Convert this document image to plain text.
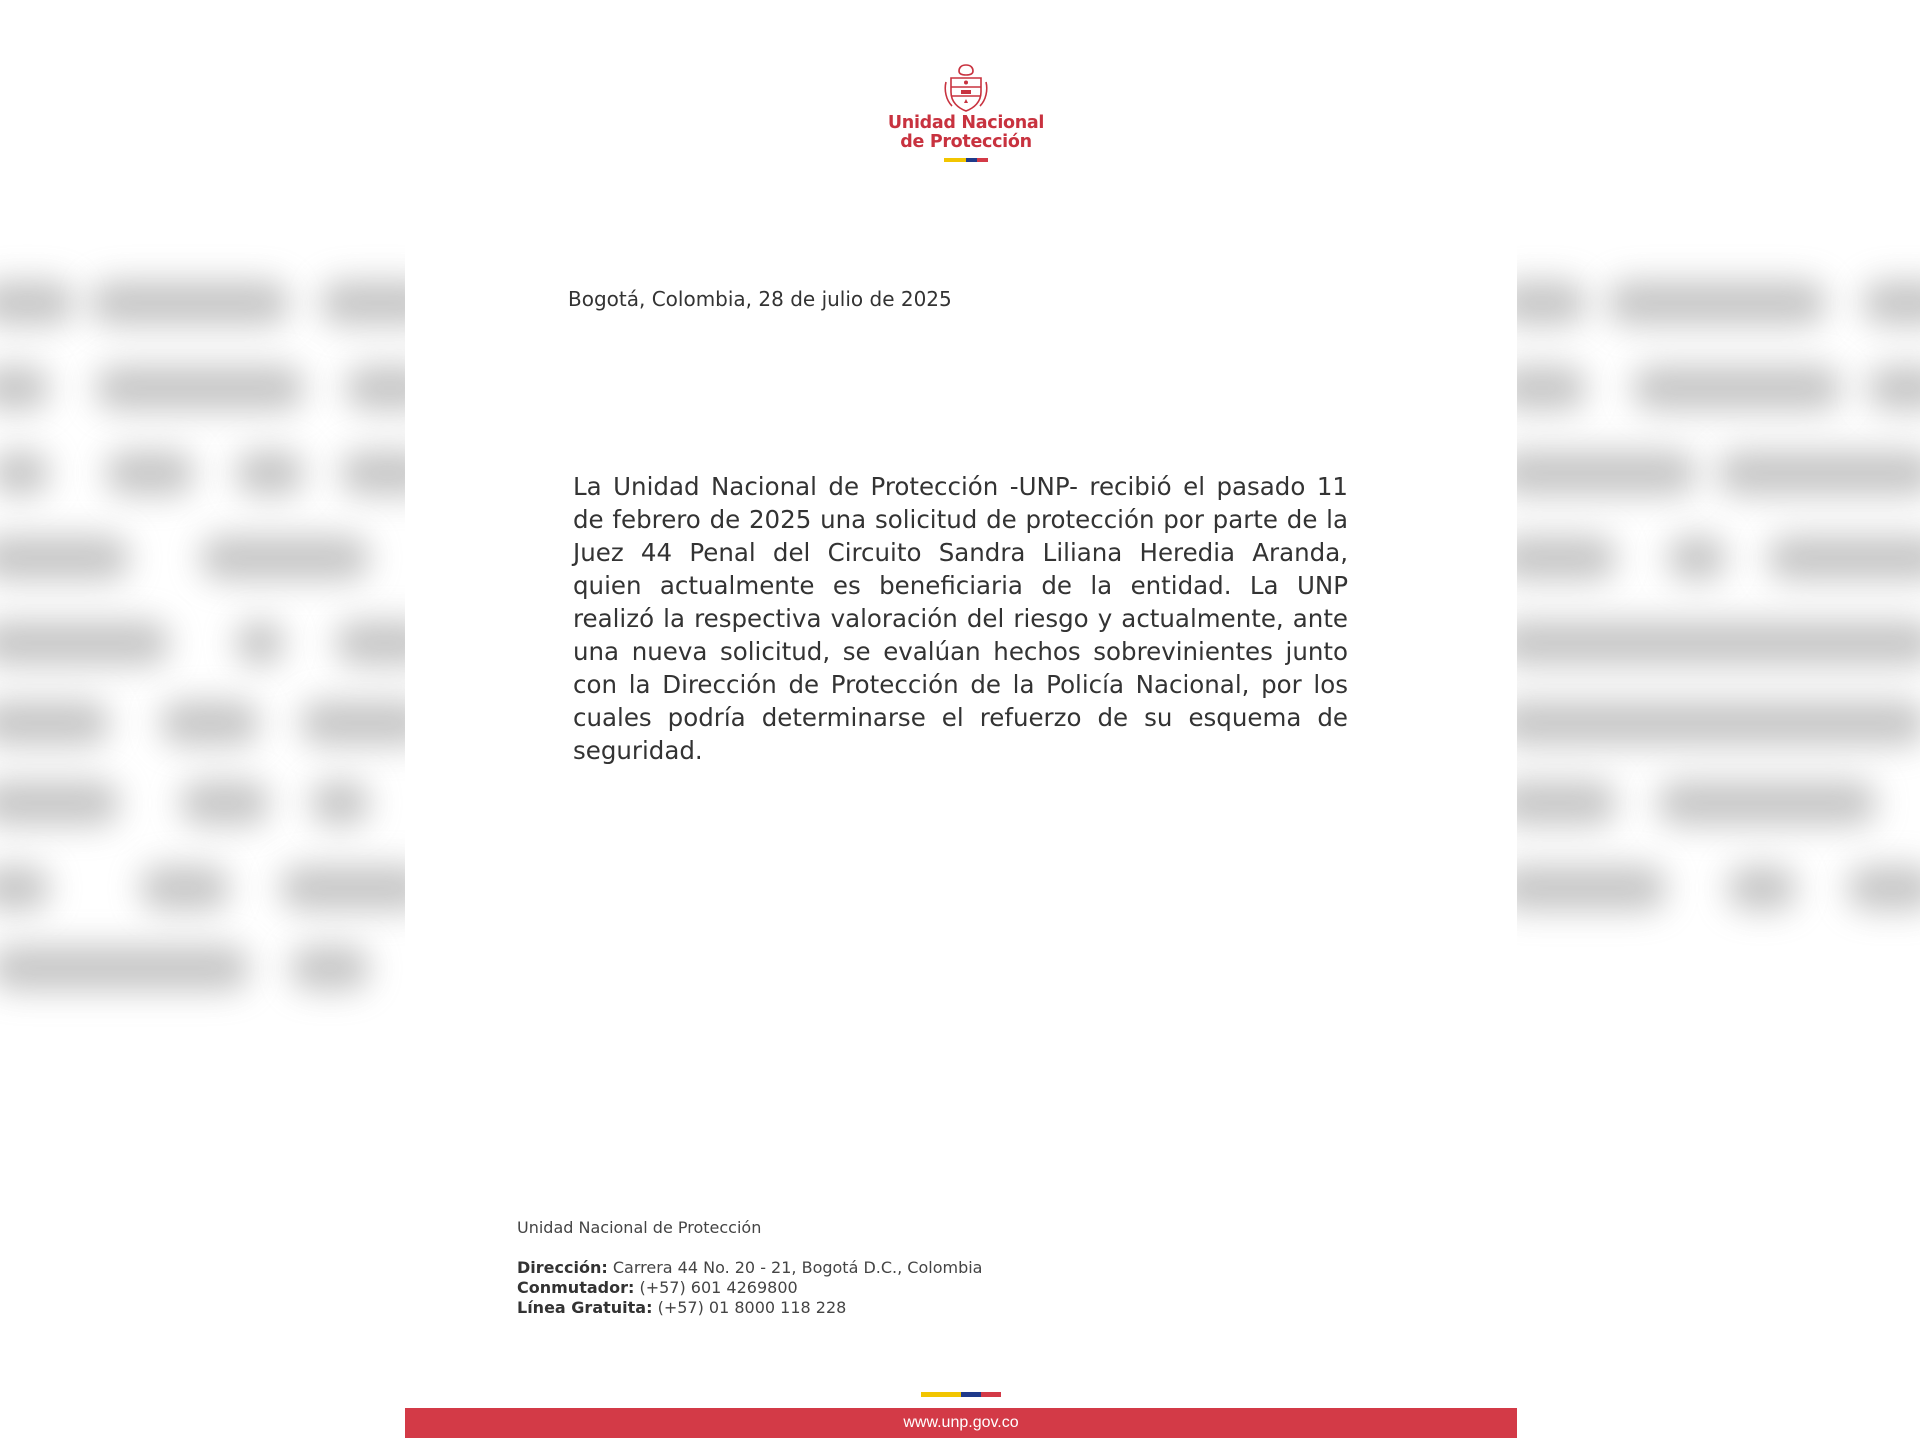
Unidad Nacional
de Protección
Bogotá, Colombia, 28 de julio de 2025
La Unidad Nacional de Protección -UNP- recibió el pasado 11 de febrero de 2025 una solicitud de protección por parte de la Juez 44 Penal del Circuito Sandra Liliana Heredia Aranda, quien actualmente es beneficiaria de la entidad. La UNP realizó la respectiva valoración del riesgo y actualmente, ante una nueva solicitud, se evalúan hechos sobrevinientes junto con la Dirección de Protección de la Policía Nacional, por los cuales podría determinarse el refuerzo de su esquema de seguridad.
Unidad Nacional de Protección
Dirección: Carrera 44 No. 20 - 21, Bogotá D.C., Colombia
Conmutador: (+57) 601 4269800
Línea Gratuita: (+57) 01 8000 118 228
www.unp.gov.co
